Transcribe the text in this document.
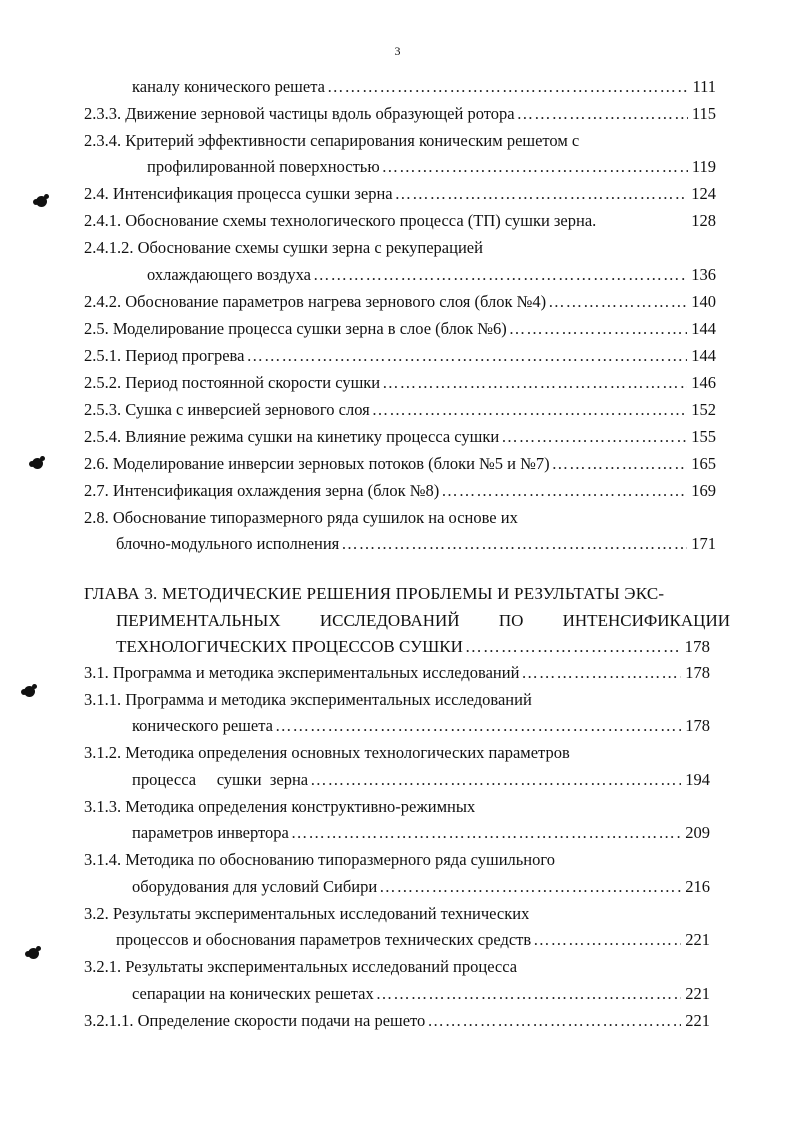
3
каналу конического решета …………………………………………………………………………………………………………………………………………………………	111
2.3.3. Движение зерновой частицы вдоль образующей ротора …………………………………………………………………………………………………………………………………………………………	115
2.3.4. Критерий эффективности сепарирования коническим решетом с
профилированной поверхностью …………………………………………………………………………………………………………………………………………………………	119
2.4. Интенсификация процесса сушки зерна …………………………………………………………………………………………………………………………………………………………	124
2.4.1. Обоснование схемы технологического процесса (ТП) сушки зерна.	128
2.4.1.2. Обоснование схемы сушки зерна с рекуперацией
охлаждающего воздуха …………………………………………………………………………………………………………………………………………………………	136
2.4.2. Обоснование параметров нагрева зернового слоя (блок №4) …………………………………………………………………………………………………………………………………………………………	140
2.5. Моделирование процесса сушки зерна в слое (блок №6) …………………………………………………………………………………………………………………………………………………………	144
2.5.1. Период прогрева …………………………………………………………………………………………………………………………………………………………	144
2.5.2. Период постоянной скорости сушки …………………………………………………………………………………………………………………………………………………………	146
2.5.3. Сушка с инверсией зернового слоя …………………………………………………………………………………………………………………………………………………………	152
2.5.4. Влияние режима сушки на кинетику процесса сушки …………………………………………………………………………………………………………………………………………………………	155
2.6. Моделирование инверсии зерновых потоков (блоки №5 и №7) …………………………………………………………………………………………………………………………………………………………	165
2.7. Интенсификация охлаждения зерна (блок №8) …………………………………………………………………………………………………………………………………………………………	169
2.8. Обоснование типоразмерного ряда сушилок на основе их
блочно-модульного исполнения …………………………………………………………………………………………………………………………………………………………	171
ГЛАВА 3. МЕТОДИЧЕСКИЕ РЕШЕНИЯ ПРОБЛЕМЫ И РЕЗУЛЬТАТЫ ЭКС-
ПЕРИМЕНТАЛЬНЫХ ИССЛЕДОВАНИЙ ПО ИНТЕНСИФИКАЦИИ
ТЕХНОЛОГИЧЕСКИХ ПРОЦЕССОВ СУШКИ …………………………………………………………………………………………………………………………………………………………	178
3.1. Программа и методика экспериментальных исследований …………………………………………………………………………………………………………………………………………………………	178
3.1.1. Программа и методика экспериментальных исследований
конического решета …………………………………………………………………………………………………………………………………………………………	178
3.1.2. Методика определения основных технологических параметров
процесса     сушки  зерна …………………………………………………………………………………………………………………………………………………………	194
3.1.3. Методика определения конструктивно-режимных
параметров инвертора …………………………………………………………………………………………………………………………………………………………	209
3.1.4. Методика по обоснованию типоразмерного ряда сушильного
оборудования для условий Сибири …………………………………………………………………………………………………………………………………………………………	216
3.2. Результаты экспериментальных исследований технических
процессов и обоснования параметров технических средств …………………………………………………………………………………………………………………………………………………………	221
3.2.1. Результаты экспериментальных исследований процесса
сепарации на конических решетах …………………………………………………………………………………………………………………………………………………………	221
3.2.1.1. Определение скорости подачи на решето …………………………………………………………………………………………………………………………………………………………	221
